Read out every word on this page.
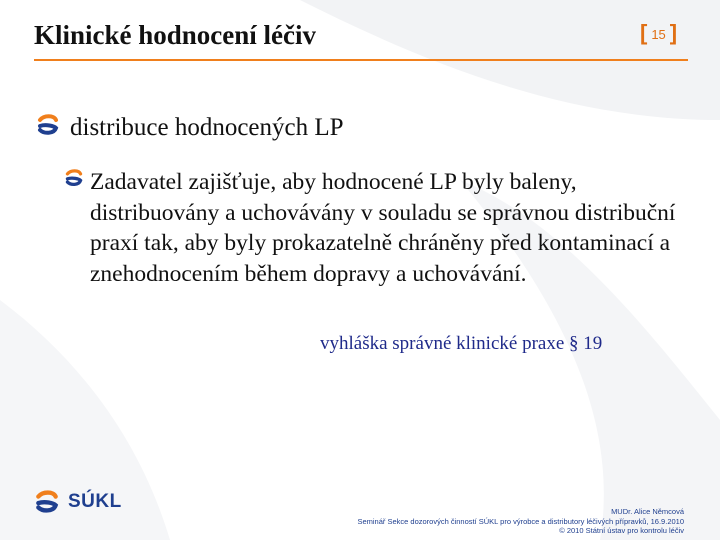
Klinické hodnocení léčiv	[ 15 ]
distribuce hodnocených LP
Zadavatel zajišťuje, aby hodnocené LP byly baleny, distribuovány a uchovávány v souladu se správnou distribuční praxí tak, aby byly prokazatelně chráněny před kontaminací a znehodnocením během dopravy a uchovávání.
vyhláška správné klinické praxe § 19
SÚKL	MUDr. Alice Němcová
Seminář Sekce dozorových činností SÚKL pro výrobce a distributory léčivých přípravků, 16.9.2010
© 2010 Státní ústav pro kontrolu léčiv
